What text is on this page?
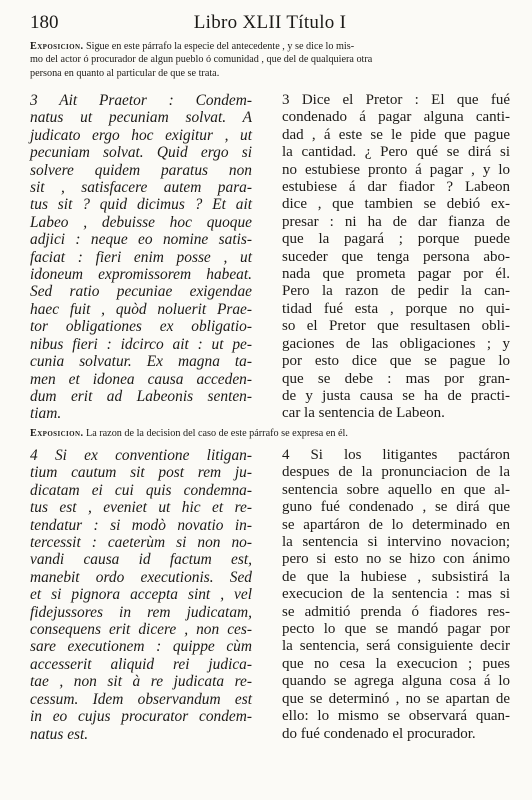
180	Libro XLII Título I
Exposicion. Sigue en este párrafo la especie del antecedente , y se dice lo mis-
mo del actor ó procurador de algun pueblo ó comunidad , que del de qualquiera otra
persona en quanto al particular de que se trata.
3 Ait Praetor : Condem-
natus ut pecuniam solvat. A
judicato ergo hoc exigitur , ut
pecuniam solvat. Quid ergo si
solvere quidem paratus non
sit , satisfacere autem para-
tus sit ? quid dicimus ? Et ait
Labeo , debuisse hoc quoque
adjici : neque eo nomine satis-
faciat : fieri enim posse , ut
idoneum expromissorem habeat.
Sed ratio pecuniae exigendae
haec fuit , quòd noluerit Prae-
tor obligationes ex obligatio-
nibus fieri : idcirco ait : ut pe-
cunia solvatur. Ex magna ta-
men et idonea causa acceden-
dum erit ad Labeonis senten-
tiam.
3 Dice el Pretor : El que fué
condenado á pagar alguna canti-
dad , á este se le pide que pague
la cantidad. ¿ Pero qué se dirá si
no estubiese pronto á pagar , y lo
estubiese á dar fiador ? Labeon
dice , que tambien se debió ex-
presar : ni ha de dar fianza de
que la pagará ; porque puede
suceder que tenga persona abo-
nada que prometa pagar por él.
Pero la razon de pedir la can-
tidad fué esta , porque no qui-
so el Pretor que resultasen obli-
gaciones de las obligaciones ; y
por esto dice que se pague lo
que se debe : mas por gran-
de y justa causa se ha de practi-
car la sentencia de Labeon.
Exposicion. La razon de la decision del caso de este párrafo se expresa en él.
4 Si ex conventione litigan-
tium cautum sit post rem ju-
dicatam ei cui quis condemna-
tus est , eveniet ut hic et re-
tendatur : si modò novatio in-
tercessit : caeterùm si non no-
vandi causa id factum est,
manebit ordo executionis. Sed
et si pignora accepta sint , vel
fidejussores in rem judicatam,
consequens erit dicere , non ces-
sare executionem : quippe cùm
accesserit aliquid rei judica-
tae , non sit à re judicata re-
cessum. Idem observandum est
in eo cujus procurator condem-
natus est.
4 Si los litigantes pactáron
despues de la pronunciacion de la
sentencia sobre aquello en que al-
guno fué condenado , se dirá que
se apartáron de lo determinado en
la sentencia si intervino novacion;
pero si esto no se hizo con ánimo
de que la hubiese , subsistirá la
execucion de la sentencia : mas si
se admitió prenda ó fiadores res-
pecto lo que se mandó pagar por
la sentencia, será consiguiente decir
que no cesa la execucion ; pues
quando se agrega alguna cosa á lo
que se determinó , no se apartan de
ello: lo mismo se observará quan-
do fué condenado el procurador.
